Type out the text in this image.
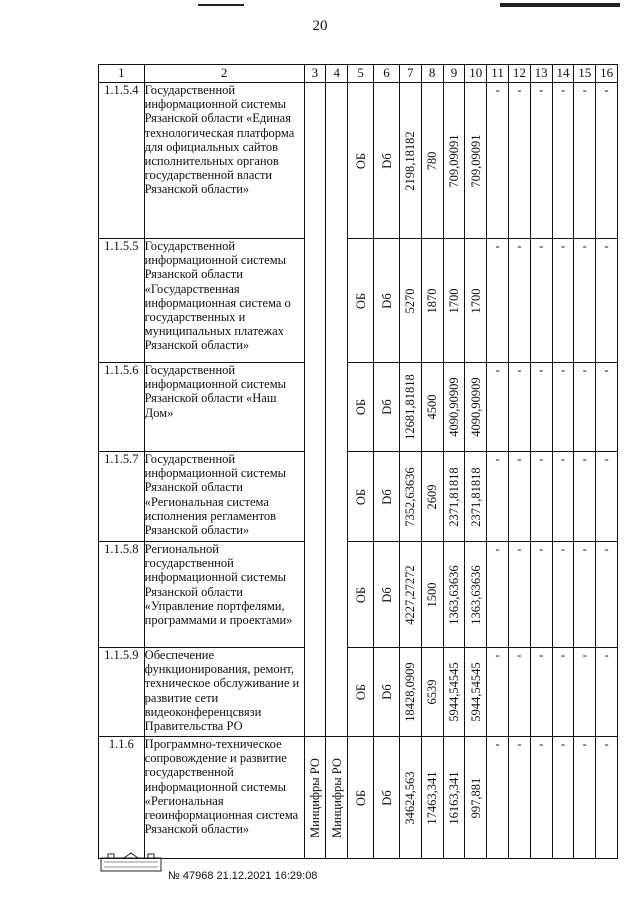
20
1	2	3	4	5	6	7	8	9	10	11	12	13	14	15	16
1.1.5.4	Государственной информационной системы Рязанской области «Единая технологическая платформа для официальных сайтов исполнительных органов государственной власти Рязанской области»			ОБ	Dб	2198,18182	780	709,09091	709,09091	-	-	-	-	-	-
1.1.5.5	Государственной информационной системы Рязанской области «Государственная информационная система о государственных и муниципальных платежах Рязанской области»			ОБ	Dб	5270	1870	1700	1700	-	-	-	-	-	-
1.1.5.6	Государственной информационной системы Рязанской области «Наш Дом»			ОБ	Dб	12681,81818	4500	4090,90909	4090,90909	-	-	-	-	-	-
1.1.5.7	Государственной информационной системы Рязанской области «Региональная система исполнения регламентов Рязанской области»			ОБ	Dб	7352,63636	2609	2371,81818	2371,81818	-	-	-	-	-	-
1.1.5.8	Региональной государственной информационной системы Рязанской области «Управление портфелями, программами и проектами»			ОБ	Dб	4227,27272	1500	1363,63636	1363,63636	-	-	-	-	-	-
1.1.5.9	Обеспечение функционирования, ремонт, техническое обслуживание и развитие сети видеоконференцсвязи Правительства РО			ОБ	Dб	18428,0909	6539	5944,54545	5944,54545	-	-	-	-	-	-
1.1.6	Программно-техническое сопровождение и развитие государственной информационной системы «Региональная геоинформационная система Рязанской области»	Минцифры РО	Минцифры РО	ОБ	Dб	34624,563	17463,341	16163,341	997,881	-	-	-	-	-	-
№ 47968 21.12.2021 16:29:08
